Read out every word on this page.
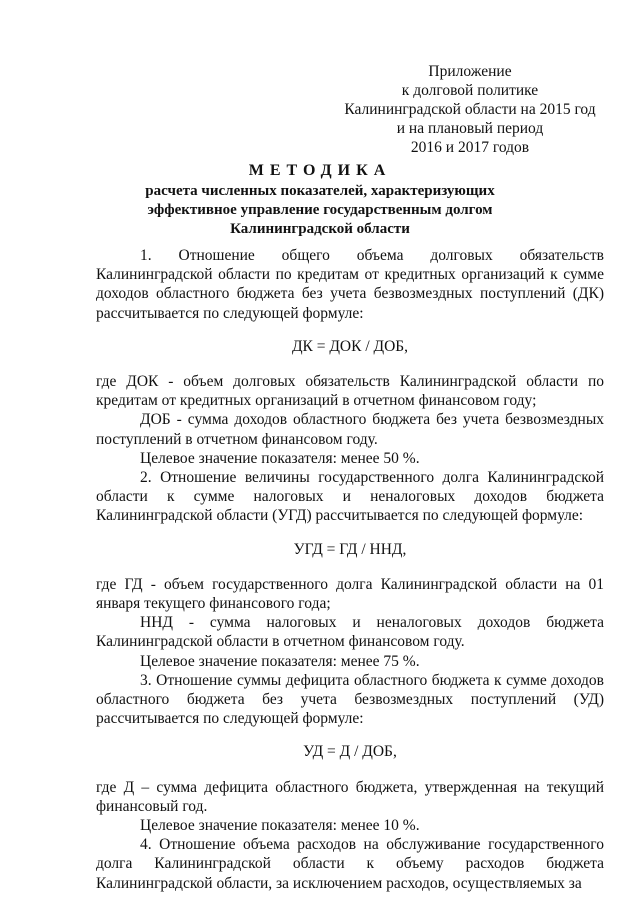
Приложение
к долговой политике
Калининградской области на 2015 год
и на плановый период
2016 и 2017 годов
МЕТОДИКА
расчета численных показателей, характеризующих
эффективное управление государственным долгом
Калининградской области

1. Отношение общего объема долговых обязательств Калининградской области по кредитам от кредитных организаций к сумме доходов областного бюджета без учета безвозмездных поступлений (ДК) рассчитывается по следующей формуле:

ДК = ДОК / ДОБ,

где ДОК - объем долговых обязательств Калининградской области по кредитам от кредитных организаций в отчетном финансовом году;

ДОБ - сумма доходов областного бюджета без учета безвозмездных поступлений в отчетном финансовом году.

Целевое значение показателя: менее 50 %.

2. Отношение величины государственного долга Калининградской области к сумме налоговых и неналоговых доходов бюджета Калининградской области (УГД) рассчитывается по следующей формуле:

УГД = ГД / ННД,

где ГД - объем государственного долга Калининградской области на 01 января текущего финансового года;

ННД - сумма налоговых и неналоговых доходов бюджета Калининградской области в отчетном финансовом году.

Целевое значение показателя: менее 75 %.

3. Отношение суммы дефицита областного бюджета к сумме доходов областного бюджета без учета безвозмездных поступлений (УД) рассчитывается по следующей формуле:

УД = Д / ДОБ,

где Д – сумма дефицита областного бюджета, утвержденная на текущий финансовый год.

Целевое значение показателя: менее 10 %.

4. Отношение объема расходов на обслуживание государственного долга Калининградской области к объему расходов бюджета Калининградской области, за исключением расходов, осуществляемых за
